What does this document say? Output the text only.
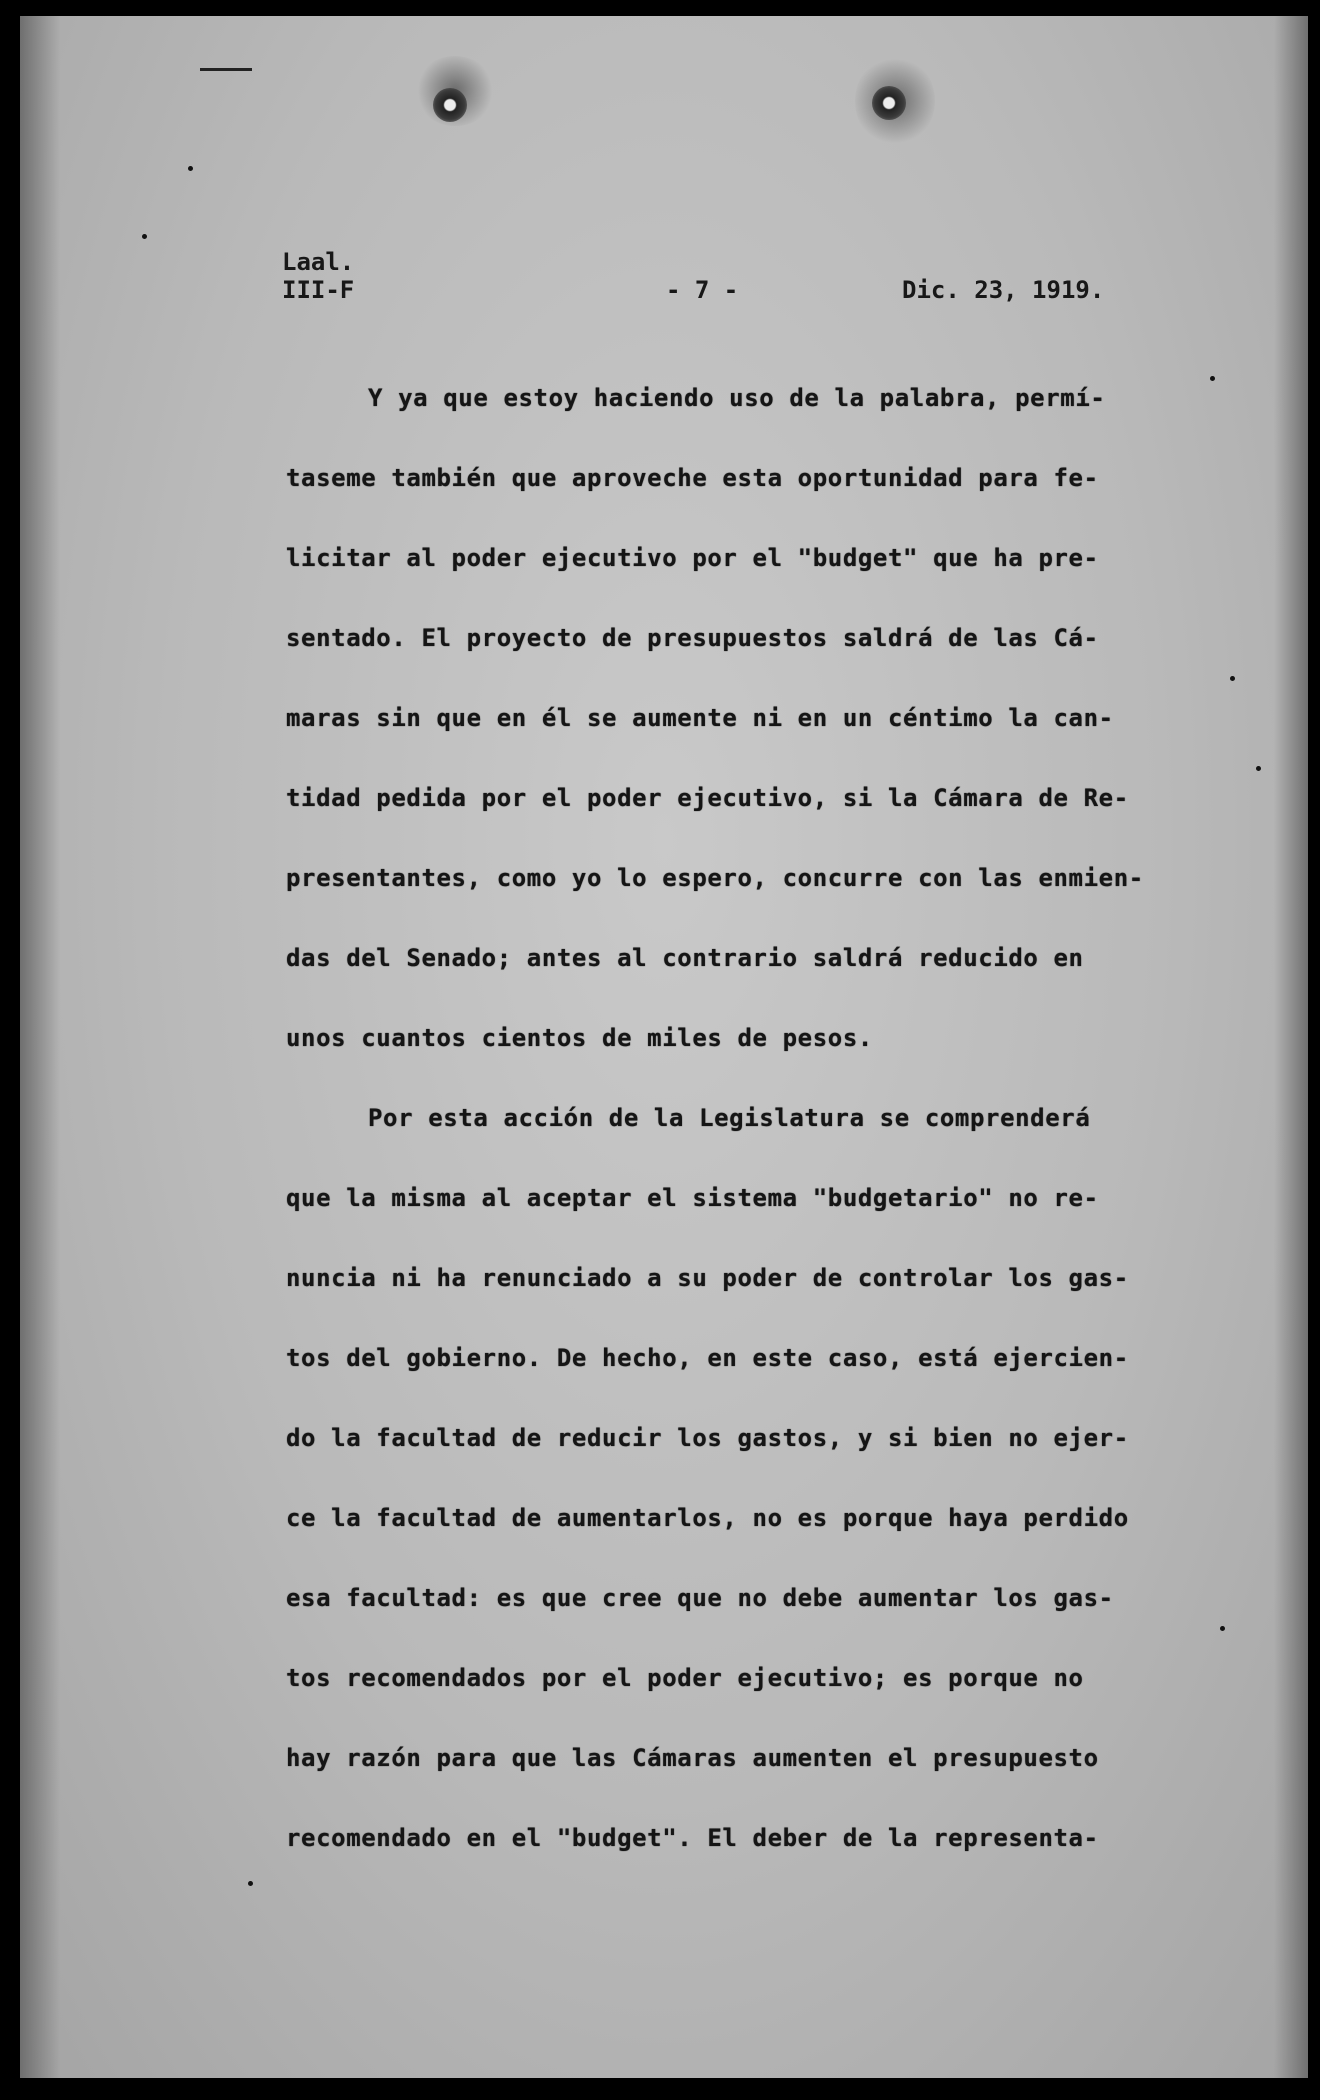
Laal.
III-F	- 7 -	Dic. 23, 1919.
Y ya que estoy haciendo uso de la palabra, permí-
taseme también que aproveche esta oportunidad para fe-
licitar al poder ejecutivo por el "budget" que ha pre-
sentado. El proyecto de presupuestos saldrá de las Cá-
maras sin que en él se aumente ni en un céntimo la can-
tidad pedida por el poder ejecutivo, si la Cámara de Re-
presentantes, como yo lo espero, concurre con las enmien-
das del Senado; antes al contrario saldrá reducido en
unos cuantos cientos de miles de pesos.
Por esta acción de la Legislatura se comprenderá
que la misma al aceptar el sistema "budgetario" no re-
nuncia ni ha renunciado a su poder de controlar los gas-
tos del gobierno. De hecho, en este caso, está ejercien-
do la facultad de reducir los gastos, y si bien no ejer-
ce la facultad de aumentarlos, no es porque haya perdido
esa facultad: es que cree que no debe aumentar los gas-
tos recomendados por el poder ejecutivo; es porque no
hay razón para que las Cámaras aumenten el presupuesto
recomendado en el "budget". El deber de la representa-
